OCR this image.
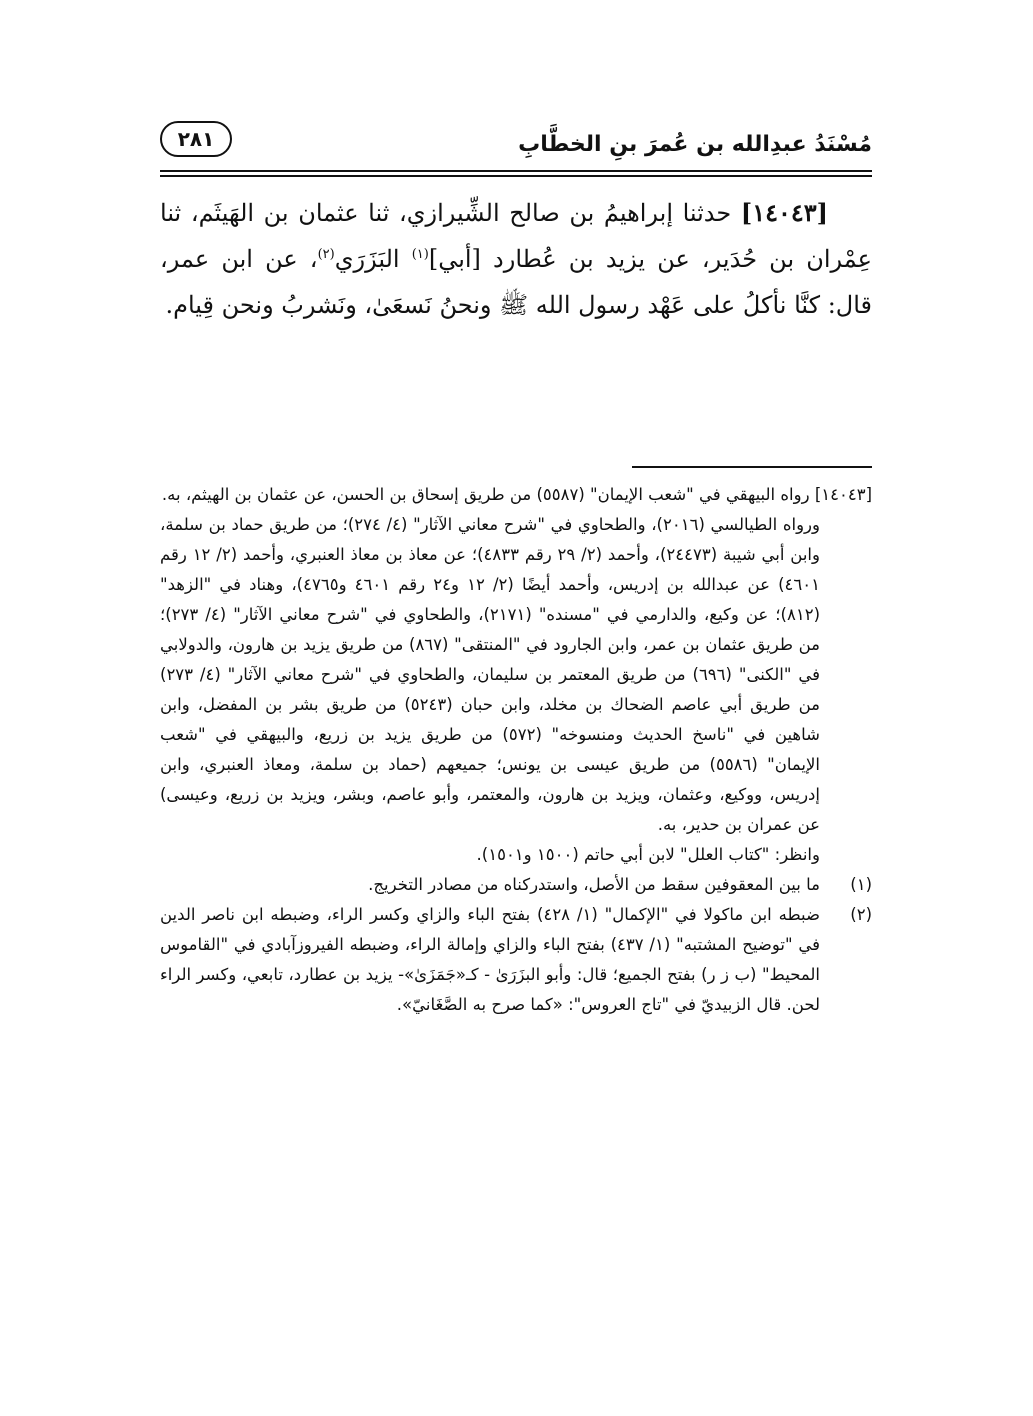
مُسْنَدُ عبدِالله بن عُمرَ بنِ الخطَّابِ
٢٨١

[١٤٠٤٣] حدثنا إبراهيمُ بن صالح الشِّيرازي، ثنا عثمان بن الهَيثَم، ثنا عِمْران بن حُدَير، عن يزيد بن عُطارد [أبي]$^{(١)}$ البَزَرَي$^{(٢)}$، عن ابن عمر، قال: كنَّا نأكلُ على عَهْد رسول الله ﷺ ونحنُ نَسعَىٰ، ونَشربُ ونحن قِيام.

[١٤٠٤٣] رواه البيهقي في "شعب الإيمان" (٥٥٨٧) من طريق إسحاق بن الحسن، عن عثمان بن الهيثم، به.

ورواه الطيالسي (٢٠١٦)، والطحاوي في "شرح معاني الآثار" (٤/ ٢٧٤)؛ من طريق حماد بن سلمة، وابن أبي شيبة (٢٤٤٧٣)، وأحمد (٢/ ٢٩ رقم ٤٨٣٣)؛ عن معاذ بن معاذ العنبري، وأحمد (٢/ ١٢ رقم ٤٦٠١) عن عبدالله بن إدريس، وأحمد أيضًا (٢/ ١٢ و٢٤ رقم ٤٦٠١ و٤٧٦٥)، وهناد في "الزهد" (٨١٢)؛ عن وكيع، والدارمي في "مسنده" (٢١٧١)، والطحاوي في "شرح معاني الآثار" (٤/ ٢٧٣)؛ من طريق عثمان بن عمر، وابن الجارود في "المنتقى" (٨٦٧) من طريق يزيد بن هارون، والدولابي في "الكنى" (٦٩٦) من طريق المعتمر بن سليمان، والطحاوي في "شرح معاني الآثار" (٤/ ٢٧٣) من طريق أبي عاصم الضحاك بن مخلد، وابن حبان (٥٢٤٣) من طريق بشر بن المفضل، وابن شاهين في "ناسخ الحديث ومنسوخه" (٥٧٢) من طريق يزيد بن زريع، والبيهقي في "شعب الإيمان" (٥٥٨٦) من طريق عيسى بن يونس؛ جميعهم (حماد بن سلمة، ومعاذ العنبري، وابن إدريس، ووكيع، وعثمان، ويزيد بن هارون، والمعتمر، وأبو عاصم، وبشر، ويزيد بن زريع، وعيسى) عن عمران بن حدير، به.

وانظر: "كتاب العلل" لابن أبي حاتم (١٥٠٠ و١٥٠١).

(١)
ما بين المعقوفين سقط من الأصل، واستدركناه من مصادر التخريج.
(٢)
ضبطه ابن ماكولا في "الإكمال" (١/ ٤٢٨) بفتح الباء والزاي وكسر الراء، وضبطه ابن ناصر الدين في "توضيح المشتبه" (١/ ٤٣٧) بفتح الباء والزاي وإمالة الراء، وضبطه الفيروزآبادي في "القاموس المحيط" (ب ز ر) بفتح الجميع؛ قال: وأبو البزَرَىٰ - كـ«جَمَزَىٰ»- يزيد بن عطارد، تابعي، وكسر الراء لحن. قال الزبيديّ في "تاج العروس": «كما صرح به الصَّغَانيّ».
